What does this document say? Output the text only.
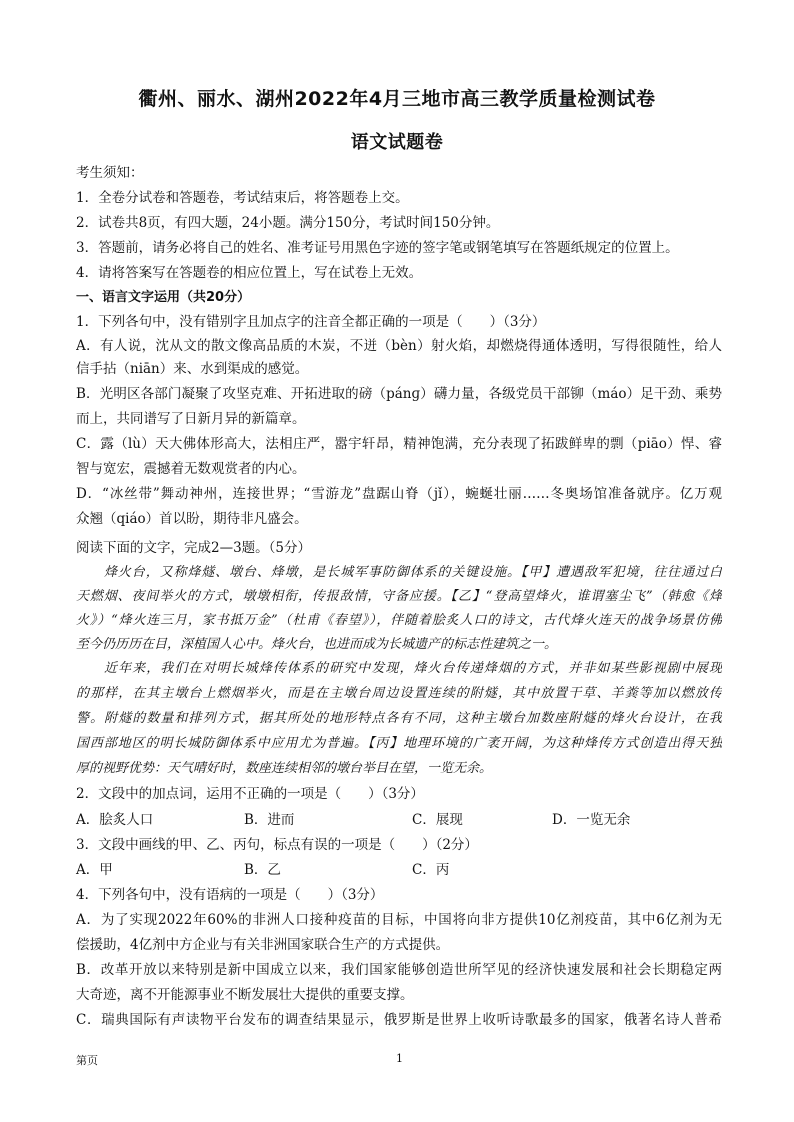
衢州、丽水、湖州2022年4月三地市高三教学质量检测试卷
语文试题卷
考生须知：
1．全卷分试卷和答题卷，考试结束后，将答题卷上交。
2．试卷共8页，有四大题，24小题。满分150分，考试时间150分钟。
3．答题前，请务必将自己的姓名、准考证号用黑色字迹的签字笔或钢笔填写在答题纸规定的位置上。
4．请将答案写在答题卷的相应位置上，写在试卷上无效。
一、语言文字运用（共20分）
1．下列各句中，没有错别字且加点字的注音全都正确的一项是（　　）（3分）
A．有人说，沈从文的散文像高品质的木炭，不迸（bèn）射火焰，却燃烧得通体透明，写得很随性，给人
信手拈（niān）来、水到渠成的感觉。
B．光明区各部门凝聚了攻坚克难、开拓进取的磅（pánɡ）礴力量，各级党员干部铆（máo）足干劲、乘势
而上，共同谱写了日新月异的新篇章。
C．露（lù）天大佛体形高大，法相庄严，嚣宇轩昂，精神饱满，充分表现了拓跋鲜卑的剽（piāo）悍、睿
智与宽宏，震撼着无数观赏者的内心。
D．“冰丝带”舞动神州，连接世界；“雪游龙”盘踞山脊（jǐ），蜿蜒壮丽……冬奥场馆准备就序。亿万观
众翘（qiáo）首以盼，期待非凡盛会。
阅读下面的文字，完成2—3题。（5分）
烽火台，又称烽燧、墩台、烽墩，是长城军事防御体系的关键设施。【甲】遭遇敌军犯境，往往通过白
天燃烟、夜间举火的方式，墩墩相衔，传报敌情，守备应援。【乙】“登高望烽火，谁谓塞尘飞”（韩愈《烽
火》）“烽火连三月，家书抵万金”（杜甫《春望》），伴随着脍炙人口的诗文，古代烽火连天的战争场景仿佛
至今仍历历在目，深植国人心中。烽火台，也进而成为长城遗产的标志性建筑之一。
近年来，我们在对明长城烽传体系的研究中发现，烽火台传递烽烟的方式，并非如某些影视剧中展现
的那样，在其主墩台上燃烟举火，而是在主墩台周边设置连续的附燧，其中放置干草、羊粪等加以燃放传
警。附燧的数量和排列方式，据其所处的地形特点各有不同，这种主墩台加数座附燧的烽火台设计，在我
国西部地区的明长城防御体系中应用尤为普遍。【丙】地理环境的广袤开阔，为这种烽传方式创造出得天独
厚的视野优势：天气晴好时，数座连续相邻的墩台举目在望，一览无余。
2．文段中的加点词，运用不正确的一项是（　　）（3分）
A．脍炙人口	B．进而	C．展现	D．一览无余
3．文段中画线的甲、乙、丙句，标点有误的一项是（　　）（2分）
A．甲	B．乙	C．丙
4．下列各句中，没有语病的一项是（　　）（3分）
A．为了实现2022年60%的非洲人口接种疫苗的目标，中国将向非方提供10亿剂疫苗，其中6亿剂为无
偿援助，4亿剂中方企业与有关非洲国家联合生产的方式提供。
B．改革开放以来特别是新中国成立以来，我们国家能够创造世所罕见的经济快速发展和社会长期稳定两
大奇迹，离不开能源事业不断发展壮大提供的重要支撑。
C．瑞典国际有声读物平台发布的调查结果显示，俄罗斯是世界上收听诗歌最多的国家，俄著名诗人普希
第页	1
